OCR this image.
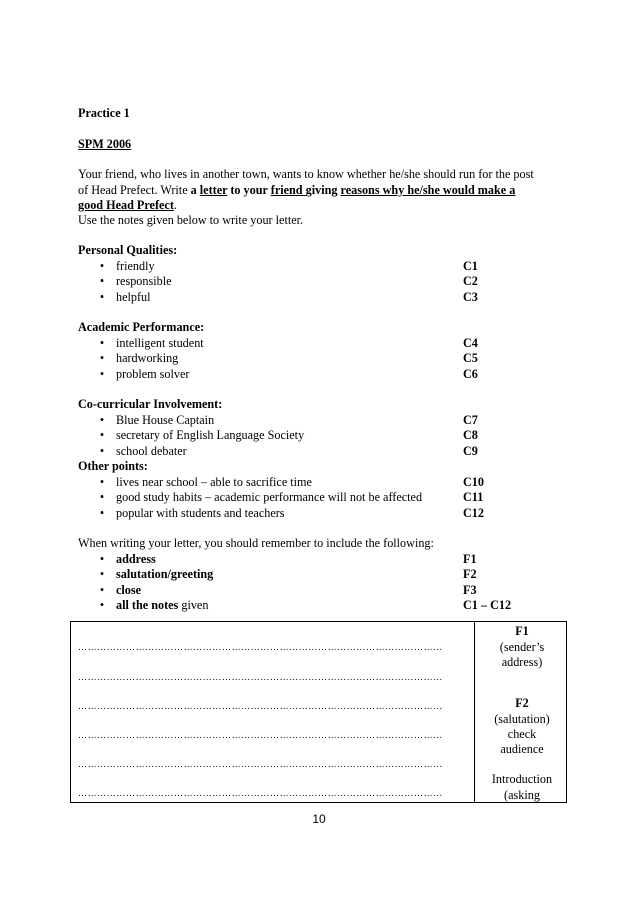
Practice 1
SPM 2006
Your friend, who lives in another town, wants to know whether he/she should run for the post
of Head Prefect. Write a letter to your friend giving reasons why he/she would make a
good Head Prefect.
Use the notes given below to write your letter.
Personal Qualities:
• friendly	C1
• responsible	C2
• helpful	C3
Academic Performance:
• intelligent student	C4
• hardworking	C5
• problem solver	C6
Co-curricular Involvement:
• Blue House Captain	C7
• secretary of English Language Society	C8
• school debater	C9
Other points:
• lives near school – able to sacrifice time	C10
• good study habits – academic performance will not be affected	C11
• popular with students and teachers	C12
When writing your letter, you should remember to include the following:
• address	F1
• salutation/greeting	F2
• close	F3
• all the notes given	C1 – C12
……………………………………………………………………………………………………
……………………………………………………………………………………………………
……………………………………………………………………………………………………
……………………………………………………………………………………………………
……………………………………………………………………………………………………
……………………………………………………………………………………………………
F1
(sender’s
address)
F2
(salutation)
check
audience
Introduction
(asking
10
